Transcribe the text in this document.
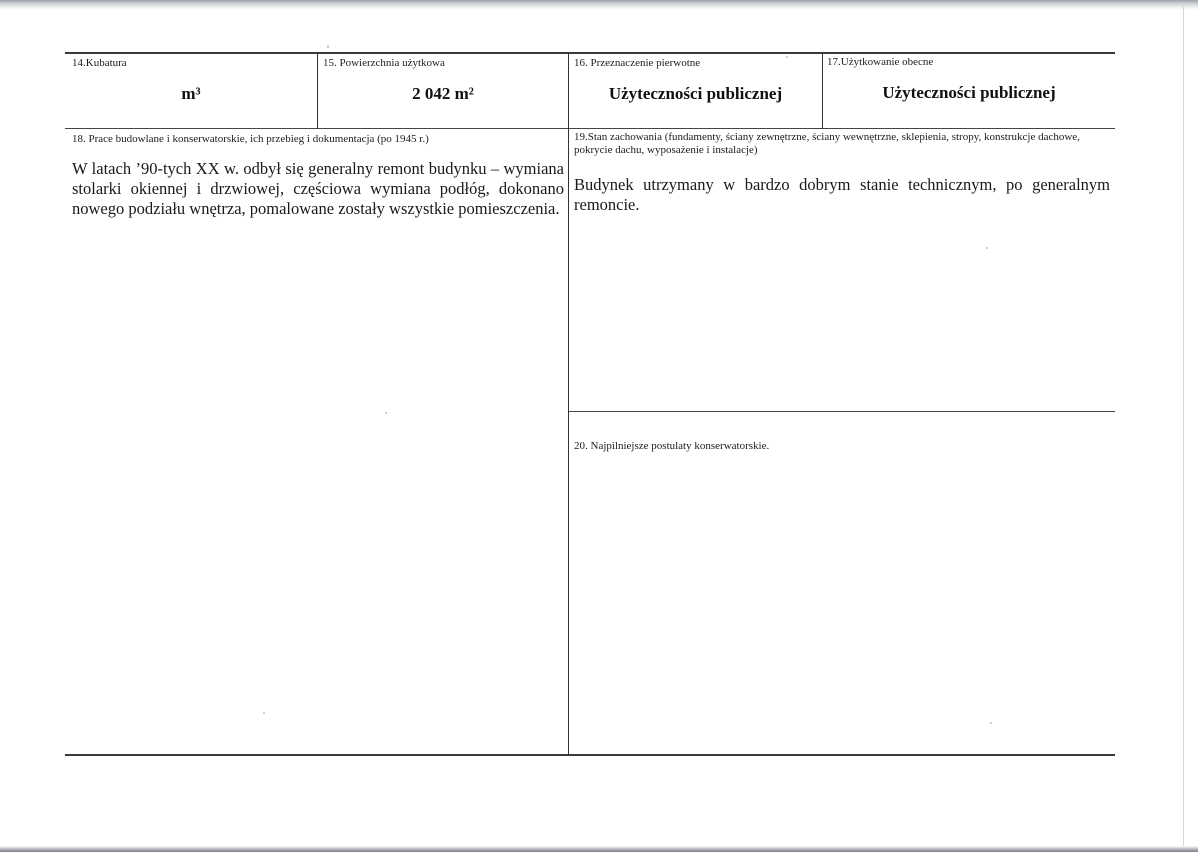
14.Kubatura
m³
15. Powierzchnia użytkowa
2 042 m²
16. Przeznaczenie pierwotne
Użyteczności publicznej
17.Użytkowanie obecne
Użyteczności publicznej
18. Prace budowlane i konserwatorskie, ich przebieg i dokumentacja (po 1945 r.)
W latach ’90-tych XX w. odbył się generalny remont budynku – wymiana stolarki okiennej i drzwiowej, częściowa wymiana podłóg, dokonano nowego podziału wnętrza, pomalowane zostały wszystkie pomieszczenia.
19.Stan zachowania (fundamenty, ściany zewnętrzne, ściany wewnętrzne, sklepienia, stropy, konstrukcje dachowe, pokrycie dachu, wyposażenie i instalacje)
Budynek utrzymany w bardzo dobrym stanie technicznym, po generalnym remoncie.
20. Najpilniejsze postulaty konserwatorskie.
